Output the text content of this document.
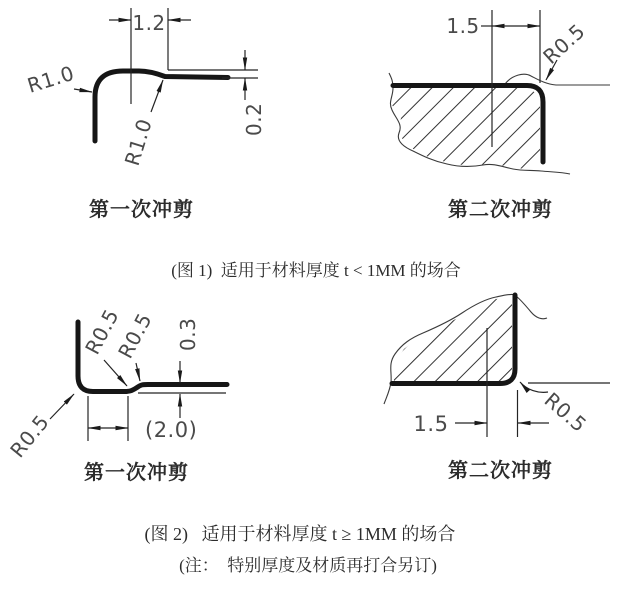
1.2
0.2
R1.0
R1.0
1.5	R0.5
(2.0)
0.3
R0.5
R0.5
R0.5	1.5	R0.5
第一次冲剪	第二次冲剪
(图 1)  适用于材料厚度 t < 1MM 的场合
第一次冲剪	第二次冲剪
(图 2)   适用于材料厚度 t ≥ 1MM 的场合
(注：  特别厚度及材质再打合另订)
